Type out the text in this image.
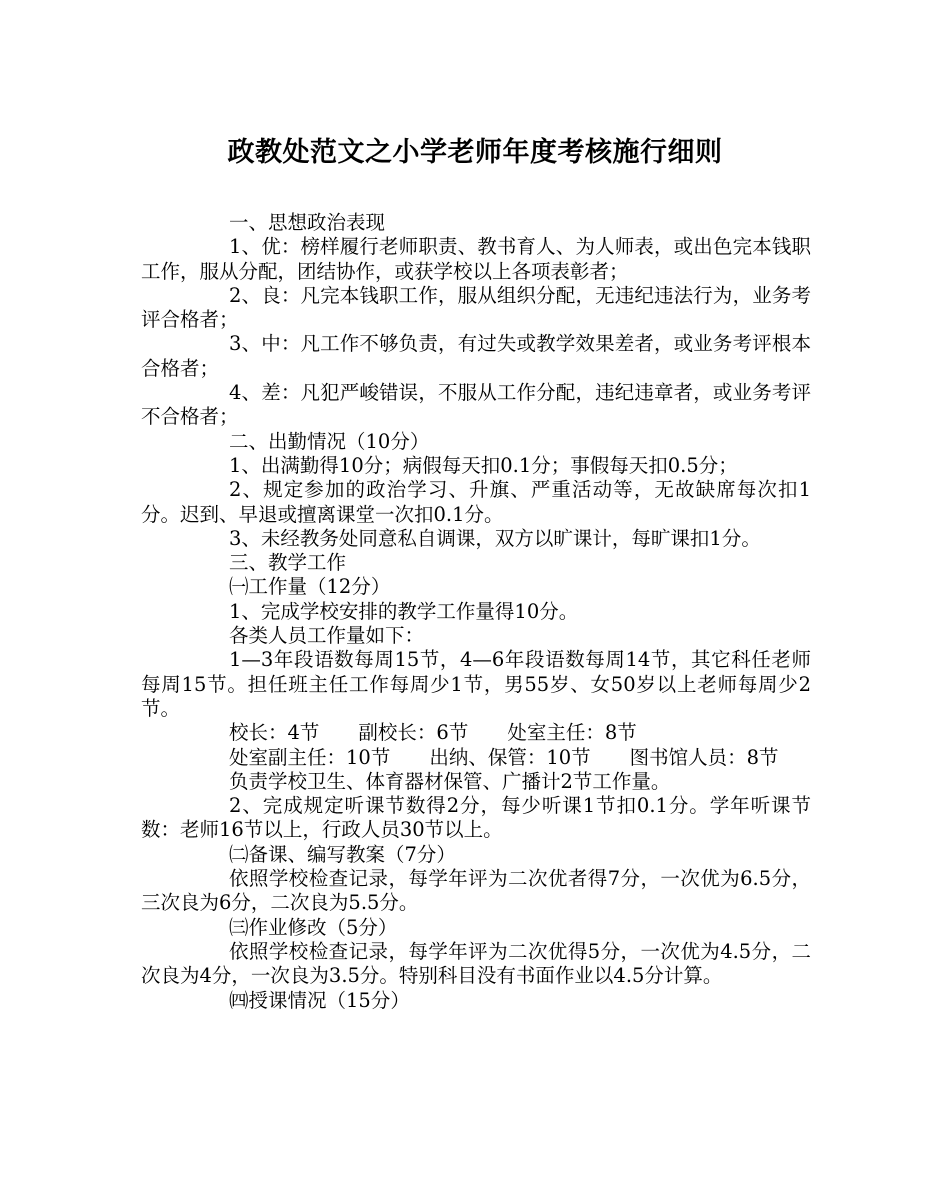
政教处范文之小学老师年度考核施行细则

一、思想政治表现

1、优：榜样履行老师职责、教书育人、为人师表，或出色完本钱职工作，服从分配，团结协作，或获学校以上各项表彰者；

2、良：凡完本钱职工作，服从组织分配，无违纪违法行为，业务考评合格者；

3、中：凡工作不够负责，有过失或教学效果差者，或业务考评根本合格者；

4、差：凡犯严峻错误，不服从工作分配，违纪违章者，或业务考评不合格者；

二、出勤情况（10分）

1、出满勤得10分；病假每天扣0.1分；事假每天扣0.5分；

2、规定参加的政治学习、升旗、严重活动等，无故缺席每次扣1分。迟到、早退或擅离课堂一次扣0.1分。

3、未经教务处同意私自调课，双方以旷课计，每旷课扣1分。

三、教学工作

㈠工作量（12分）

1、完成学校安排的教学工作量得10分。

各类人员工作量如下：

1—3年段语数每周15节，4—6年段语数每周14节，其它科任老师每周15节。担任班主任工作每周少1节，男55岁、女50岁以上老师每周少2节。

校长：4节　　副校长：6节　　处室主任：8节

处室副主任：10节　　出纳、保管：10节　　图书馆人员：8节

负责学校卫生、体育器材保管、广播计2节工作量。

2、完成规定听课节数得2分，每少听课1节扣0.1分。学年听课节数：老师16节以上，行政人员30节以上。

㈡备课、编写教案（7分）

依照学校检查记录，每学年评为二次优者得7分，一次优为6.5分，三次良为6分，二次良为5.5分。

㈢作业修改（5分）

依照学校检查记录，每学年评为二次优得5分，一次优为4.5分，二次良为4分，一次良为3.5分。特别科目没有书面作业以4.5分计算。

㈣授课情况（15分）
